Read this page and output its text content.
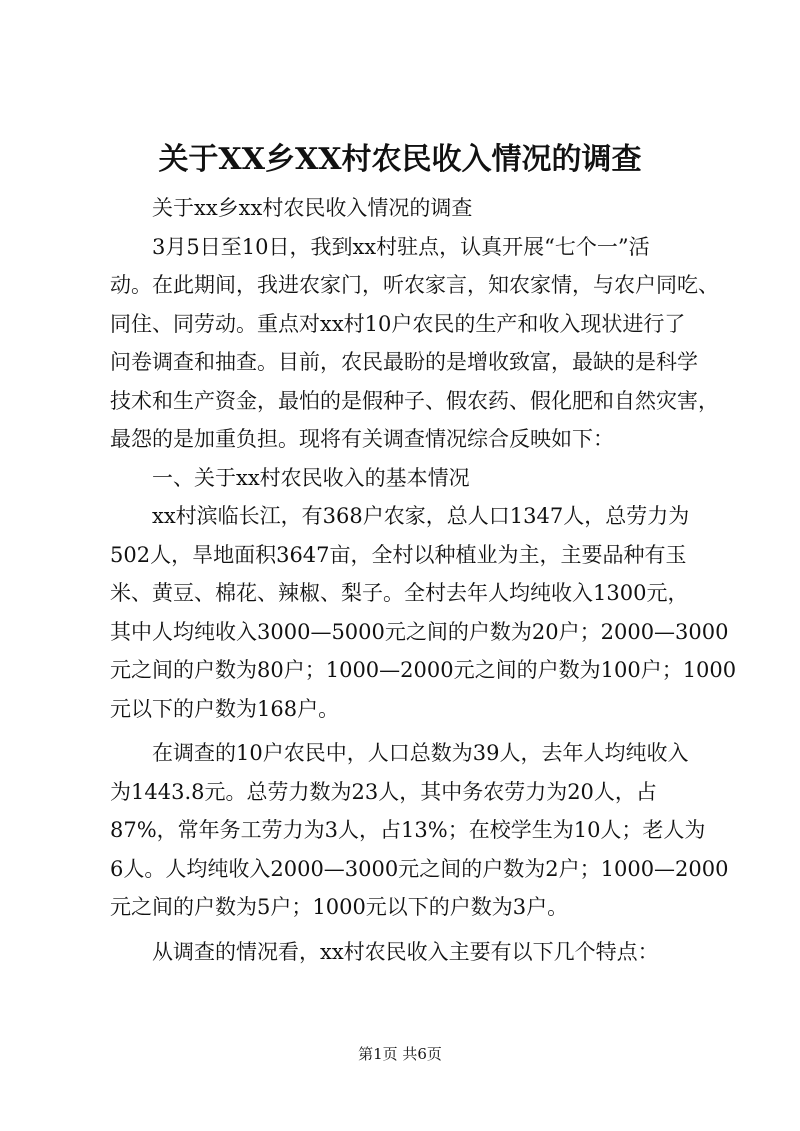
关于XX乡XX村农民收入情况的调查
关于xx乡xx村农民收入情况的调查
3月5日至10日，我到xx村驻点，认真开展“七个一”活
动。在此期间，我进农家门，听农家言，知农家情，与农户同吃、
同住、同劳动。重点对xx村10户农民的生产和收入现状进行了
问卷调查和抽查。目前，农民最盼的是增收致富，最缺的是科学
技术和生产资金，最怕的是假种子、假农药、假化肥和自然灾害，
最怨的是加重负担。现将有关调查情况综合反映如下：
一、关于xx村农民收入的基本情况
xx村滨临长江，有368户农家，总人口1347人，总劳力为
502人，旱地面积3647亩，全村以种植业为主，主要品种有玉
米、黄豆、棉花、辣椒、梨子。全村去年人均纯收入1300元，
其中人均纯收入3000—5000元之间的户数为20户；2000—3000
元之间的户数为80户；1000—2000元之间的户数为100户；1000
元以下的户数为168户。
在调查的10户农民中，人口总数为39人，去年人均纯收入
为1443.8元。总劳力数为23人，其中务农劳力为20人，占
87%，常年务工劳力为3人，占13%；在校学生为10人；老人为
6人。人均纯收入2000—3000元之间的户数为2户；1000—2000
元之间的户数为5户；1000元以下的户数为3户。
从调查的情况看，xx村农民收入主要有以下几个特点：
第1页 共6页
